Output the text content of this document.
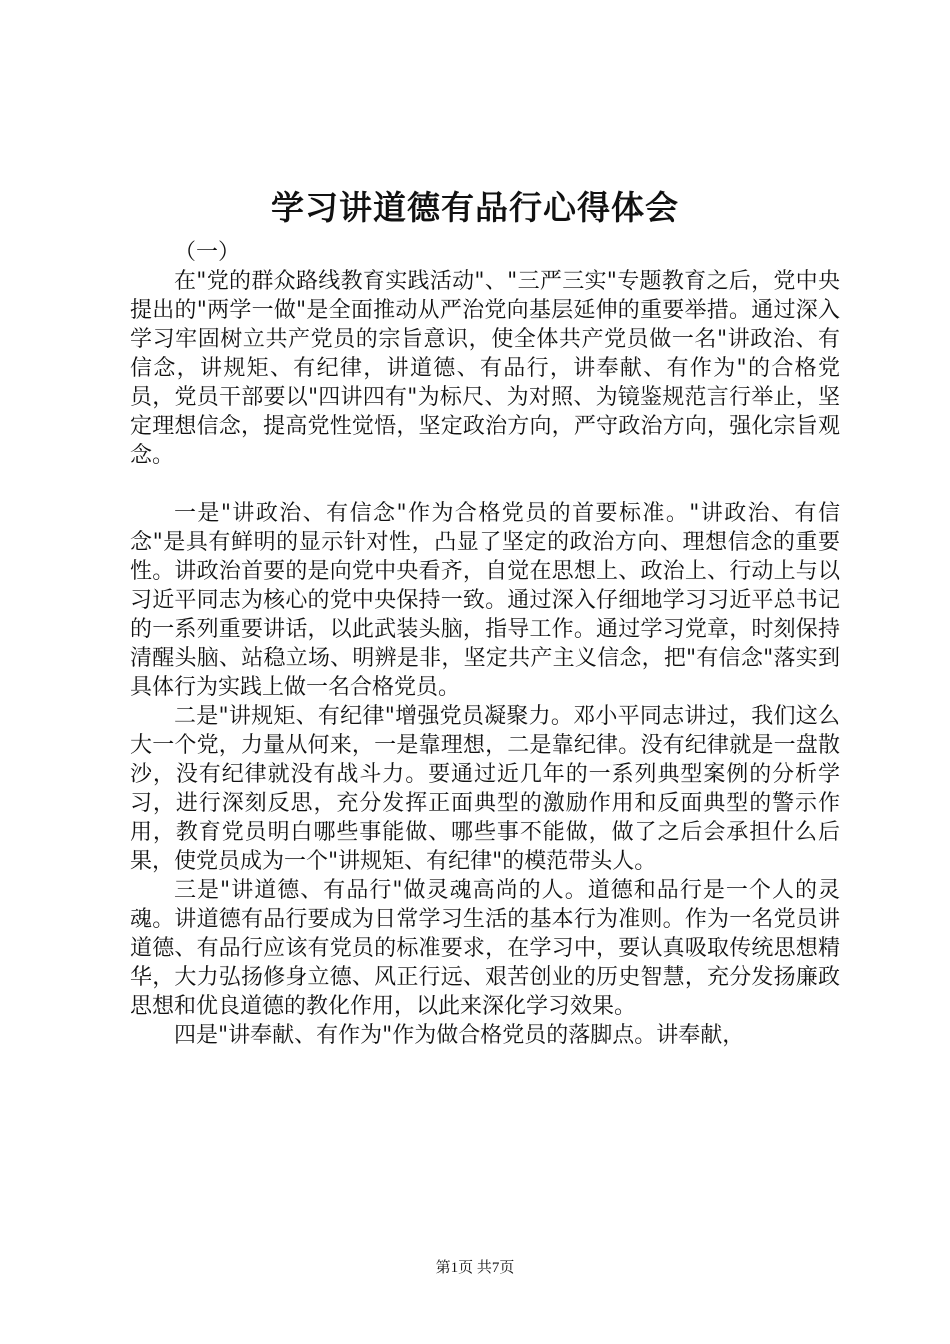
学习讲道德有品行心得体会

（一）

在"党的群众路线教育实践活动"、"三严三实"专题教育之后，党中央提出的"两学一做"是全面推动从严治党向基层延伸的重要举措。通过深入学习牢固树立共产党员的宗旨意识，使全体共产党员做一名"讲政治、有信念，讲规矩、有纪律，讲道德、有品行，讲奉献、有作为"的合格党员，党员干部要以"四讲四有"为标尺、为对照、为镜鉴规范言行举止，坚定理想信念，提高党性觉悟，坚定政治方向，严守政治方向，强化宗旨观念。

一是"讲政治、有信念"作为合格党员的首要标准。"讲政治、有信念"是具有鲜明的显示针对性，凸显了坚定的政治方向、理想信念的重要性。讲政治首要的是向党中央看齐，自觉在思想上、政治上、行动上与以习近平同志为核心的党中央保持一致。通过深入仔细地学习习近平总书记的一系列重要讲话，以此武装头脑，指导工作。通过学习党章，时刻保持清醒头脑、站稳立场、明辨是非，坚定共产主义信念，把"有信念"落实到具体行为实践上做一名合格党员。

二是"讲规矩、有纪律"增强党员凝聚力。邓小平同志讲过，我们这么大一个党，力量从何来，一是靠理想，二是靠纪律。没有纪律就是一盘散沙，没有纪律就没有战斗力。要通过近几年的一系列典型案例的分析学习，进行深刻反思，充分发挥正面典型的激励作用和反面典型的警示作用，教育党员明白哪些事能做、哪些事不能做，做了之后会承担什么后果，使党员成为一个"讲规矩、有纪律"的模范带头人。

三是"讲道德、有品行"做灵魂高尚的人。道德和品行是一个人的灵魂。讲道德有品行要成为日常学习生活的基本行为准则。作为一名党员讲道德、有品行应该有党员的标准要求，在学习中，要认真吸取传统思想精华，大力弘扬修身立德、风正行远、艰苦创业的历史智慧，充分发扬廉政思想和优良道德的教化作用，以此来深化学习效果。

四是"讲奉献、有作为"作为做合格党员的落脚点。讲奉献，

第1页 共7页
